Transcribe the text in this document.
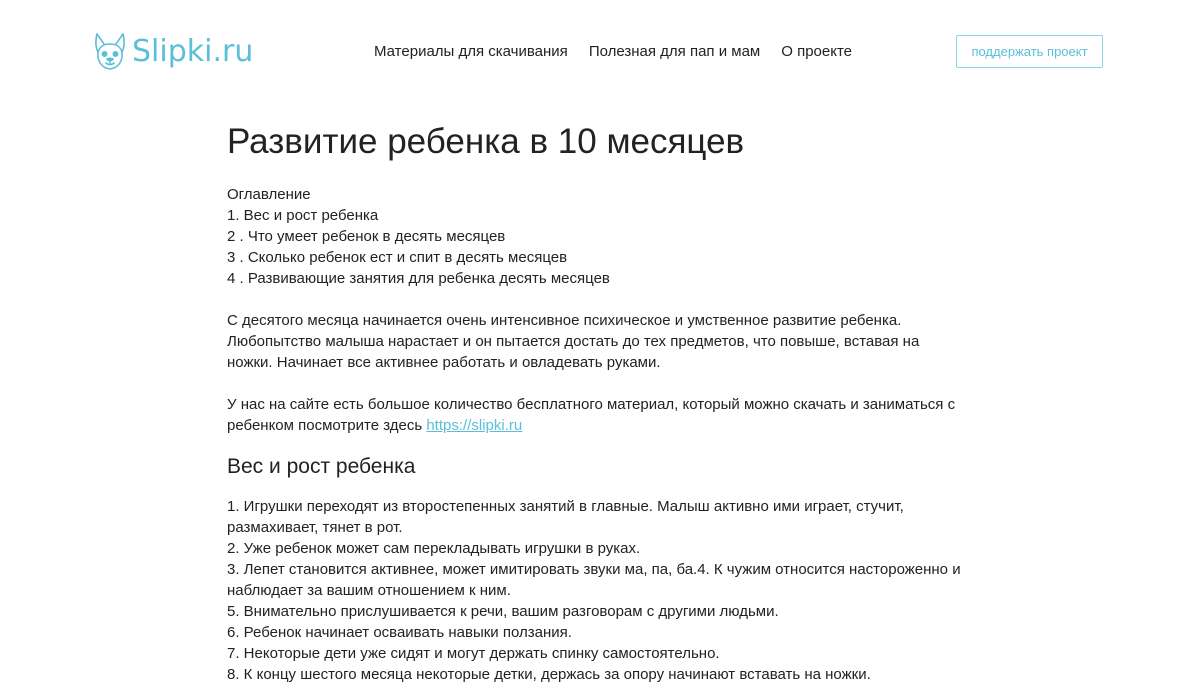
Slipki.ru	Материалы для скачивания Полезная для пап и мам О проекте	поддержать проект
Развитие ребенка в 10 месяцев
Оглавление
1. Вес и рост ребенка
2 . Что умеет ребенок в десять месяцев
3 . Сколько ребенок ест и спит в десять месяцев
4 . Развивающие занятия для ребенка десять месяцев

С десятого месяца начинается очень интенсивное психическое и умственное развитие ребенка. Любопытство малыша нарастает и он пытается достать до тех предметов, что повыше, вставая на ножки. Начинает все активнее работать и овладевать руками.

У нас на сайте есть большое количество бесплатного материал, который можно скачать и заниматься с ребенком посмотрите здесь https://slipki.ru

Вес и рост ребенка
1. Игрушки переходят из второстепенных занятий в главные. Малыш активно ими играет, стучит, размахивает, тянет в рот.
2. Уже ребенок может сам перекладывать игрушки в руках.
3. Лепет становится активнее, может имитировать звуки ма, па, ба.4. К чужим относится настороженно и наблюдает за вашим отношением к ним.
5. Внимательно прислушивается к речи, вашим разговорам с другими людьми.
6. Ребенок начинает осваивать навыки ползания.
7. Некоторые дети уже сидят и могут держать спинку самостоятельно.
8. К концу шестого месяца некоторые детки, держась за опору начинают вставать на ножки.
